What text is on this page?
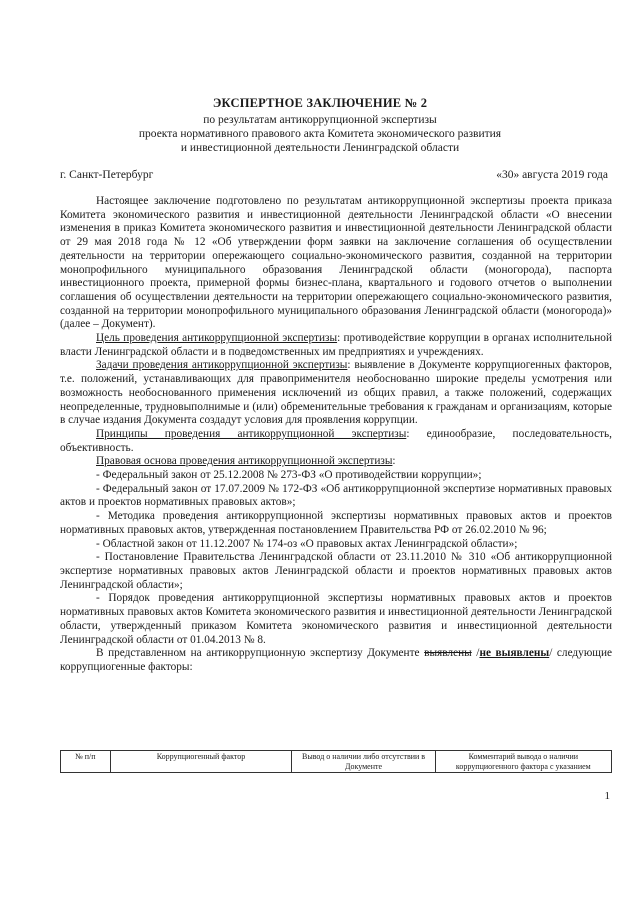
ЭКСПЕРТНОЕ ЗАКЛЮЧЕНИЕ № 2
по результатам антикоррупционной экспертизы
проекта нормативного правового акта Комитета экономического развития
и инвестиционной деятельности Ленинградской области
г. Санкт-Петербург	«30» августа 2019 года

Настоящее заключение подготовлено по результатам антикоррупционной экспертизы проекта приказа Комитета экономического развития и инвестиционной деятельности Ленинградской области «О внесении изменения в приказ Комитета экономического развития и инвестиционной деятельности Ленинградской области от 29 мая 2018 года № 12 «Об утверждении форм заявки на заключение соглашения об осуществлении деятельности на территории опережающего социально-экономического развития, созданной на территории монопрофильного муниципального образования Ленинградской области (моногорода), паспорта инвестиционного проекта, примерной формы бизнес-плана, квартального и годового отчетов о выполнении соглашения об осуществлении деятельности на территории опережающего социально-экономического развития, созданной на территории монопрофильного муниципального образования Ленинградской области (моногорода)» (далее – Документ).

Цель проведения антикоррупционной экспертизы: противодействие коррупции в органах исполнительной власти Ленинградской области и в подведомственных им предприятиях и учреждениях.

Задачи проведения антикоррупционной экспертизы: выявление в Документе коррупциогенных факторов, т.е. положений, устанавливающих для правоприменителя необоснованно широкие пределы усмотрения или возможность необоснованного применения исключений из общих правил, а также положений, содержащих неопределенные, трудновыполнимые и (или) обременительные требования к гражданам и организациям, которые в случае издания Документа создадут условия для проявления коррупции.

Принципы проведения антикоррупционной экспертизы: единообразие, последовательность, объективность.

Правовая основа проведения антикоррупционной экспертизы:

- Федеральный закон от 25.12.2008 № 273-ФЗ «О противодействии коррупции»;

- Федеральный закон от 17.07.2009 № 172-ФЗ «Об антикоррупционной экспертизе нормативных правовых актов и проектов нормативных правовых актов»;

- Методика проведения антикоррупционной экспертизы нормативных правовых актов и проектов нормативных правовых актов, утвержденная постановлением Правительства РФ от 26.02.2010 № 96;

- Областной закон от 11.12.2007 № 174-оз «О правовых актах Ленинградской области»;

- Постановление Правительства Ленинградской области от 23.11.2010 № 310 «Об антикоррупционной экспертизе нормативных правовых актов Ленинградской области и проектов нормативных правовых актов Ленинградской области»;

- Порядок проведения антикоррупционной экспертизы нормативных правовых актов и проектов нормативных правовых актов Комитета экономического развития и инвестиционной деятельности Ленинградской области, утвержденный приказом Комитета экономического развития и инвестиционной деятельности Ленинградской области от 01.04.2013 № 8.

В представленном на антикоррупционную экспертизу Документе выявлены /не выявлены/ следующие коррупциогенные факторы:

№ п/п	Коррупциогенный фактор	Вывод о наличии либо отсутствии в Документе	Комментарий вывода о наличии коррупциогенного фактора с указанием
1
